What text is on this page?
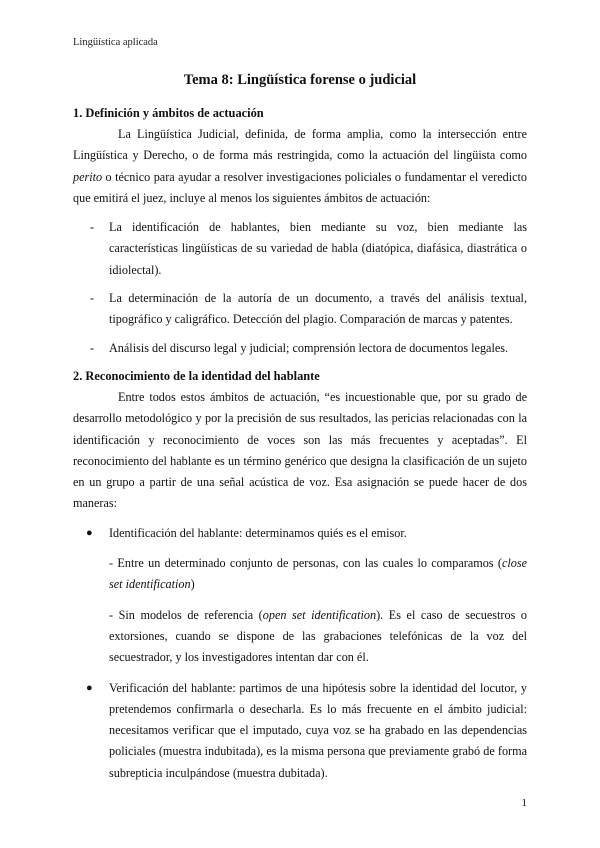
Lingüística aplicada
Tema 8: Lingüística forense o judicial
1. Definición y ámbitos de actuación

La Lingüística Judicial, definida, de forma amplia, como la intersección entre Lingüística y Derecho, o de forma más restringida, como la actuación del lingüista como perito o técnico para ayudar a resolver investigaciones policiales o fundamentar el veredicto que emitirá el juez, incluye al menos los siguientes ámbitos de actuación:

- La identificación de hablantes, bien mediante su voz, bien mediante las características lingüísticas de su variedad de habla (diatópica, diafásica, diastrática o idiolectal).
- La determinación de la autoría de un documento, a través del análisis textual, tipográfico y caligráfico. Detección del plagio. Comparación de marcas y patentes.
- Análisis del discurso legal y judicial; comprensión lectora de documentos legales.
2. Reconocimiento de la identidad del hablante

Entre todos estos ámbitos de actuación, “es incuestionable que, por su grado de desarrollo metodológico y por la precisión de sus resultados, las pericias relacionadas con la identificación y reconocimiento de voces son las más frecuentes y aceptadas”. El reconocimiento del hablante es un término genérico que designa la clasificación de un sujeto en un grupo a partir de una señal acústica de voz. Esa asignación se puede hacer de dos maneras:

● Identificación del hablante: determinamos quiés es el emisor.
- Entre un determinado conjunto de personas, con las cuales lo comparamos (close set identification)
- Sin modelos de referencia (open set identification). Es el caso de secuestros o extorsiones, cuando se dispone de las grabaciones telefónicas de la voz del secuestrador, y los investigadores intentan dar con él.
● Verificación del hablante: partimos de una hipótesis sobre la identidad del locutor, y pretendemos confirmarla o desecharla. Es lo más frecuente en el ámbito judicial: necesitamos verificar que el imputado, cuya voz se ha grabado en las dependencias policiales (muestra indubitada), es la misma persona que previamente grabó de forma subrepticia inculpándose (muestra dubitada).
1
